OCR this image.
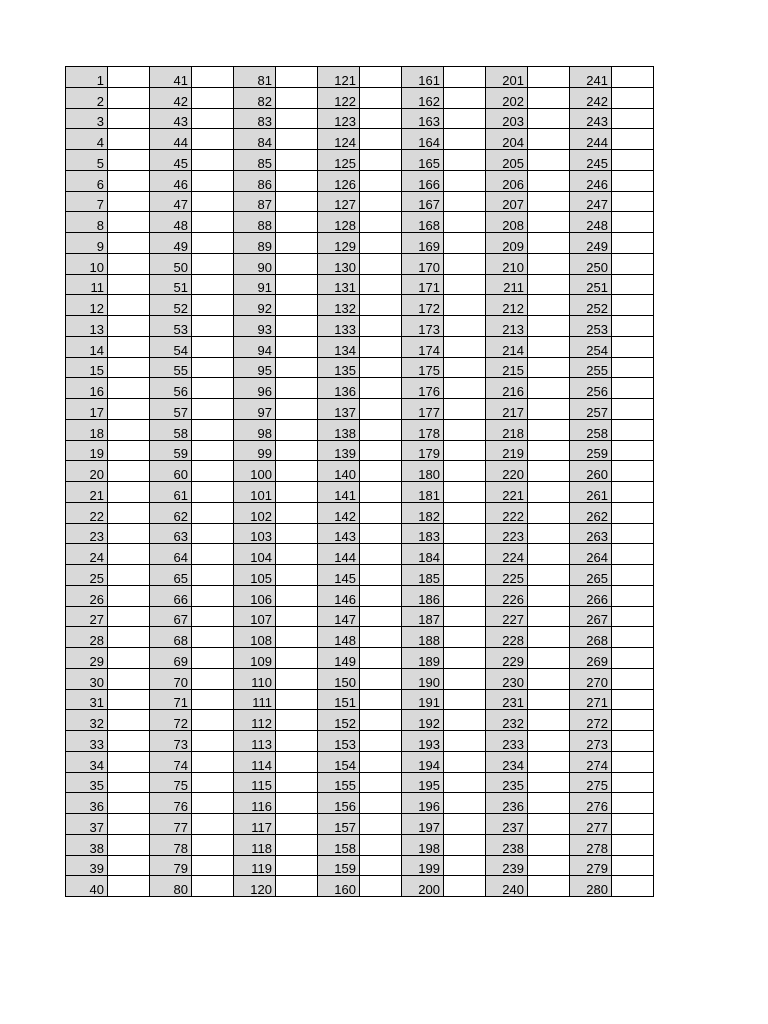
1		41		81		121		161		201		241	
2		42		82		122		162		202		242	
3		43		83		123		163		203		243	
4		44		84		124		164		204		244	
5		45		85		125		165		205		245	
6		46		86		126		166		206		246	
7		47		87		127		167		207		247	
8		48		88		128		168		208		248	
9		49		89		129		169		209		249	
10		50		90		130		170		210		250	
11		51		91		131		171		211		251	
12		52		92		132		172		212		252	
13		53		93		133		173		213		253	
14		54		94		134		174		214		254	
15		55		95		135		175		215		255	
16		56		96		136		176		216		256	
17		57		97		137		177		217		257	
18		58		98		138		178		218		258	
19		59		99		139		179		219		259	
20		60		100		140		180		220		260	
21		61		101		141		181		221		261	
22		62		102		142		182		222		262	
23		63		103		143		183		223		263	
24		64		104		144		184		224		264	
25		65		105		145		185		225		265	
26		66		106		146		186		226		266	
27		67		107		147		187		227		267	
28		68		108		148		188		228		268	
29		69		109		149		189		229		269	
30		70		110		150		190		230		270	
31		71		111		151		191		231		271	
32		72		112		152		192		232		272	
33		73		113		153		193		233		273	
34		74		114		154		194		234		274	
35		75		115		155		195		235		275	
36		76		116		156		196		236		276	
37		77		117		157		197		237		277	
38		78		118		158		198		238		278	
39		79		119		159		199		239		279	
40		80		120		160		200		240		280	
